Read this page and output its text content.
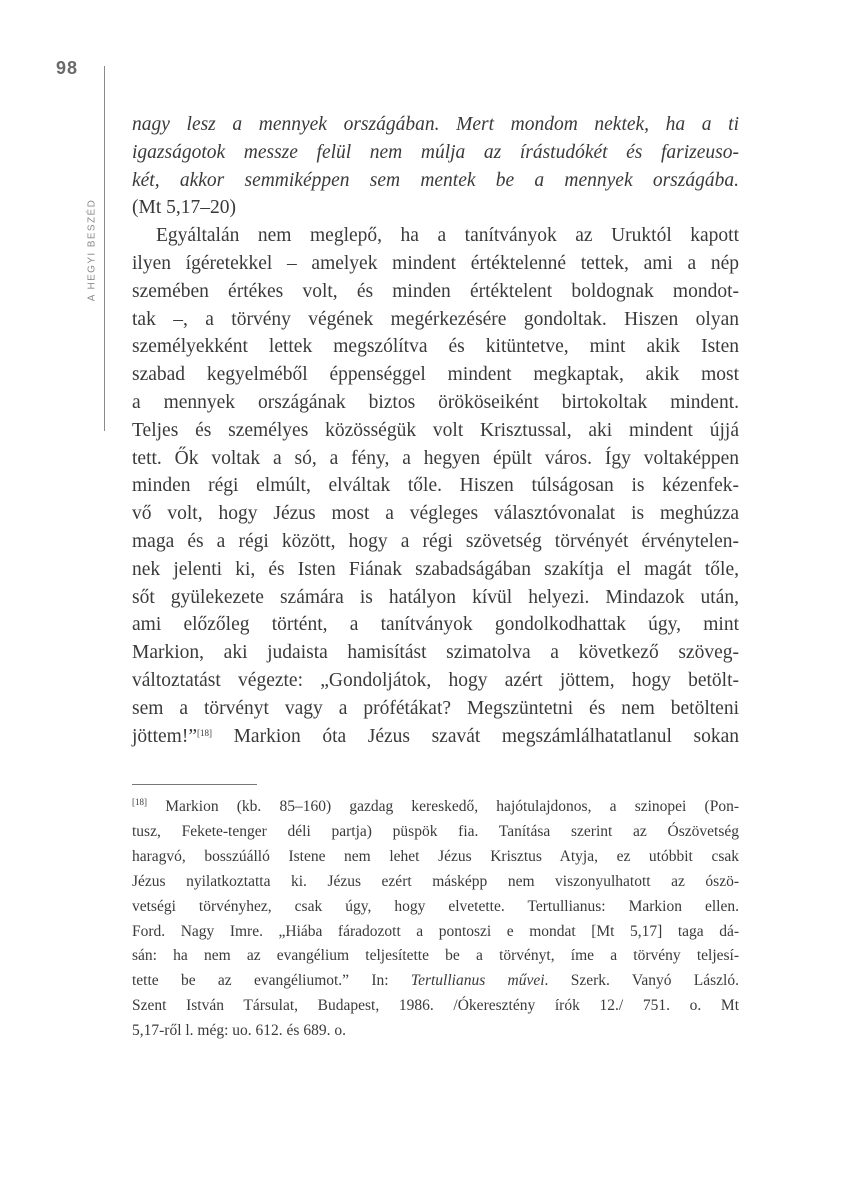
98
A HEGYI BESZÉD
nagy lesz a mennyek országában. Mert mondom nektek, ha a ti
igazságotok messze felül nem múlja az írástudókét és farizeuso-
két, akkor semmiképpen sem mentek be a mennyek országába.
(Mt 5,17–20)
Egyáltalán nem meglepő, ha a tanítványok az Uruktól kapott
ilyen ígéretekkel – amelyek mindent értéktelenné tettek, ami a nép
szemében értékes volt, és minden értéktelent boldognak mondot-
tak –, a törvény végének megérkezésére gondoltak. Hiszen olyan
személyekként lettek megszólítva és kitüntetve, mint akik Isten
szabad kegyelméből éppenséggel mindent megkaptak, akik most
a mennyek országának biztos örököseiként birtokoltak mindent.
Teljes és személyes közösségük volt Krisztussal, aki mindent újjá
tett. Ők voltak a só, a fény, a hegyen épült város. Így voltaképpen
minden régi elmúlt, elváltak tőle. Hiszen túlságosan is kézenfek-
vő volt, hogy Jézus most a végleges választóvonalat is meghúzza
maga és a régi között, hogy a régi szövetség törvényét érvénytelen-
nek jelenti ki, és Isten Fiának szabadságában szakítja el magát tőle,
sőt gyülekezete számára is hatályon kívül helyezi. Mindazok után,
ami előzőleg történt, a tanítványok gondolkodhattak úgy, mint
Markion, aki judaista hamisítást szimatolva a következő szöveg-
változtatást végezte: „Gondoljátok, hogy azért jöttem, hogy betölt-
sem a törvényt vagy a prófétákat? Megszüntetni és nem betölteni
jöttem!”[18] Markion óta Jézus szavát megszámlálhatatlanul sokan
[18] Markion (kb. 85–160) gazdag kereskedő, hajótulajdonos, a szinopei (Pon-
tusz, Fekete-tenger déli partja) püspök fia. Tanítása szerint az Ószövetség
haragvó, bosszúálló Istene nem lehet Jézus Krisztus Atyja, ez utóbbit csak
Jézus nyilatkoztatta ki. Jézus ezért másképp nem viszonyulhatott az ószö-
vetségi törvényhez, csak úgy, hogy elvetette. Tertullianus: Markion ellen.
Ford. Nagy Imre. „Hiába fáradozott a pontoszi e mondat [Mt 5,17] taga dá-
sán: ha nem az evangélium teljesítette be a törvényt, íme a törvény teljesí-
tette be az evangéliumot.” In: Tertullianus művei. Szerk. Vanyó László.
Szent István Társulat, Budapest, 1986. /Ókeresztény írók 12./ 751. o. Mt
5,17-ről l. még: uo. 612. és 689. o.
